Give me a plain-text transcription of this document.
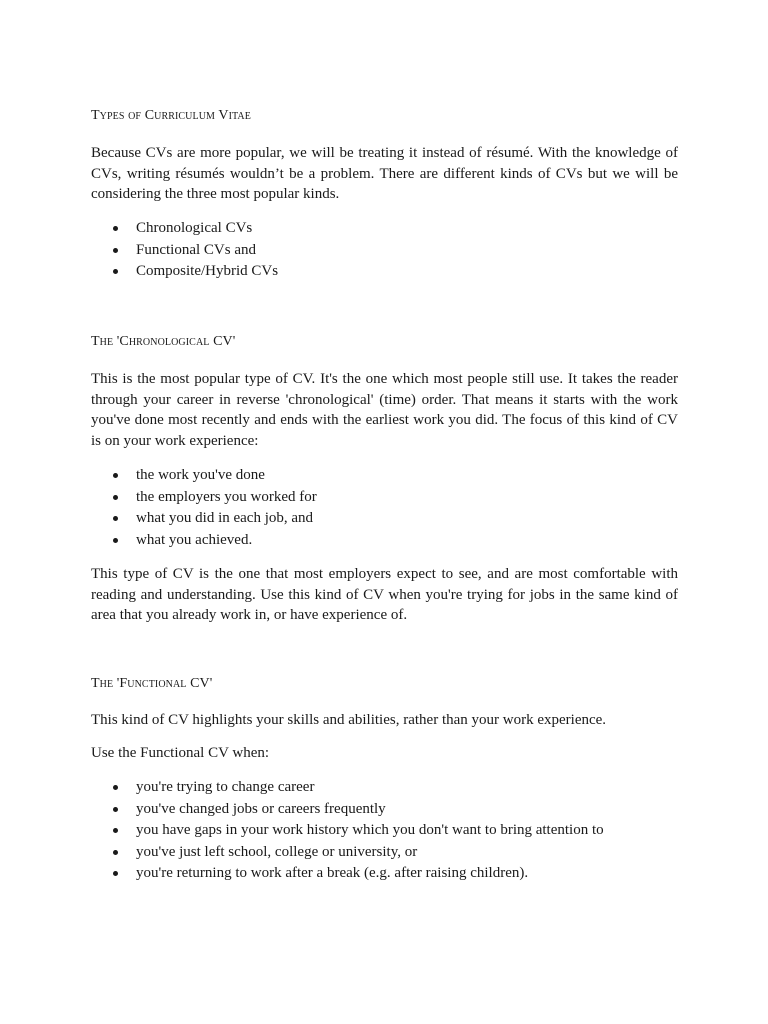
Types of Curriculum Vitae
Because CVs are more popular, we will be treating it instead of résumé. With the knowledge of CVs, writing résumés wouldn’t be a problem. There are different kinds of CVs but we will be considering the three most popular kinds.
Chronological CVs
Functional CVs and
Composite/Hybrid CVs
The 'Chronological CV'
This is the most popular type of CV. It's the one which most people still use. It takes the reader through your career in reverse 'chronological' (time) order. That means it starts with the work you've done most recently and ends with the earliest work you did. The focus of this kind of CV is on your work experience:
the work you've done
the employers you worked for
what you did in each job, and
what you achieved.
This type of CV is the one that most employers expect to see, and are most comfortable with reading and understanding. Use this kind of CV when you're trying for jobs in the same kind of area that you already work in, or have experience of.
The 'Functional CV'
This kind of CV highlights your skills and abilities, rather than your work experience.
Use the Functional CV when:
you're trying to change career
you've changed jobs or careers frequently
you have gaps in your work history which you don't want to bring attention to
you've just left school, college or university, or
you're returning to work after a break (e.g. after raising children).
